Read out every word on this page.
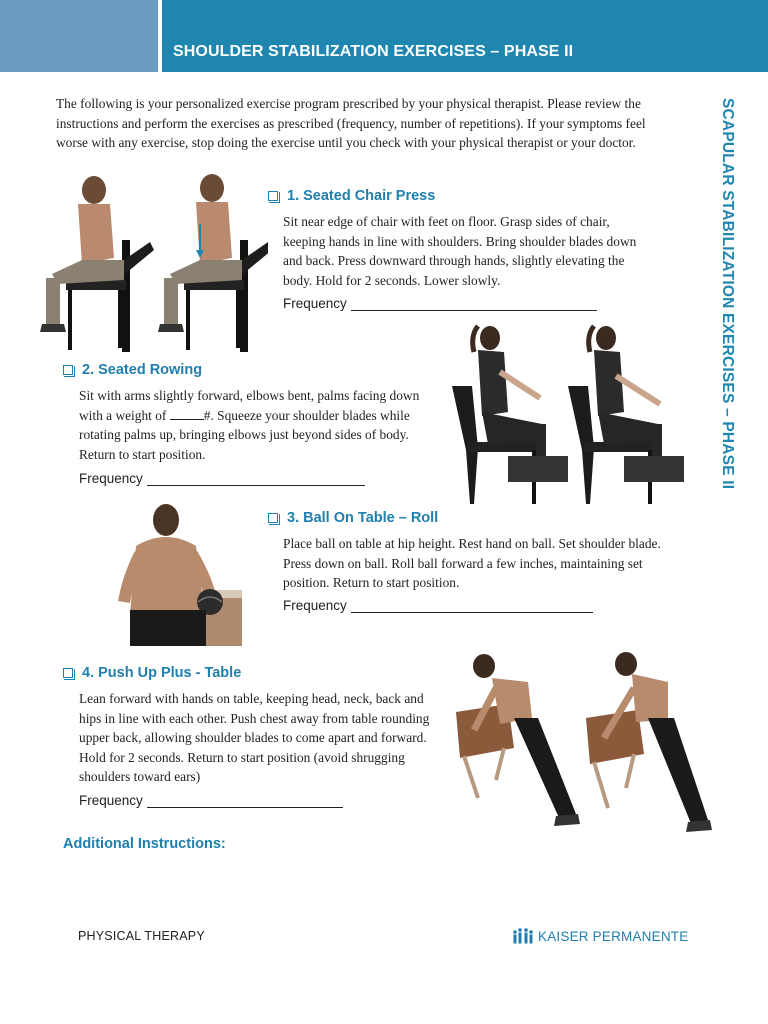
SHOULDER STABILIZATION EXERCISES – PHASE II
SCAPULAR STABILIZATION EXERCISES – PHASE II

The following is your personalized exercise program prescribed by your physical therapist. Please review the instructions and perform the exercises as prescribed (frequency, number of repetitions). If your symptoms feel worse with any exercise, stop doing the exercise until you check with your physical therapist or your doctor.

1. Seated Chair Press

Sit near edge of chair with feet on floor. Grasp sides of chair, keeping hands in line with shoulders. Bring shoulder blades down and back. Press downward through hands, slightly elevating the body. Hold for 2 seconds. Lower slowly.

Frequency
2. Seated Rowing

Sit with arms slightly forward, elbows bent, palms facing down with a weight of	#. Squeeze your shoulder blades while rotating palms up, bringing elbows just beyond sides of body. Return to start position.

Frequency
3. Ball On Table – Roll

Place ball on table at hip height. Rest hand on ball. Set shoulder blade. Press down on ball. Roll ball forward a few inches, maintaining set position. Return to start position.

Frequency
4. Push Up Plus - Table

Lean forward with hands on table, keeping head, neck, back and hips in line with each other. Push chest away from table rounding upper back, allowing shoulder blades to come apart and forward. Hold for 2 seconds. Return to start position (avoid shrugging shoulders toward ears)

Frequency
Additional Instructions:
PHYSICAL THERAPY	KAISER PERMANENTE
